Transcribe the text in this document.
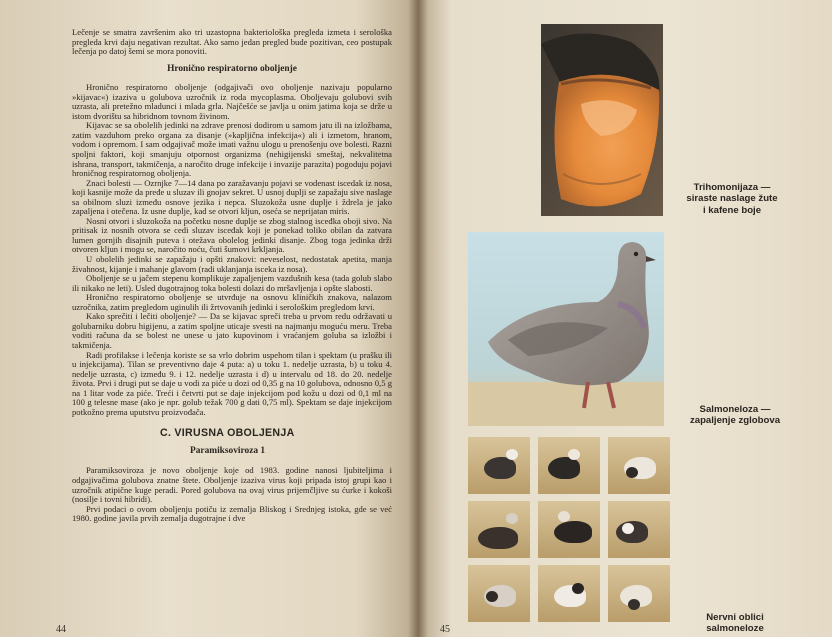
Lečenje se smatra završenim ako tri uzastopna bakteriološka pregleda izmeta i serološka pregleda krvi daju negativan rezultat. Ako samo jedan pregled bude pozitivan, ceo postupak lečenja po datoj šemi se mora ponoviti.

Hronično respiratorno oboljenje

Hronično respiratorno oboljenje (odgajivači ovo oboljenje nazivaju popularno »kijavac«) izaziva u golubova uzročnik iz roda mycoplasma. Oboljevaju golubovi svih uzrasta, ali pretežno mladunci i mlada grla. Najčešće se javlja u onim jatima koja se drže u istom dvorištu sa hibridnom tovnom živinom.

Kijavac se sa obolelih jedinki na zdrave prenosi dodirom u samom jatu ili na izložbama, zatim vazduhom preko organa za disanje (»kapljična infekcija«) ali i izmetom, hranom, vodom i opremom. I sam odgajivač može imati važnu ulogu u prenošenju ove bolesti. Razni spoljni faktori, koji smanjuju otpornost organizma (nehigijenski smeštaj, nekvalitetna ishrana, transport, takmičenja, a naročito druge infekcije i invazije parazita) pogoduju pojavi hroničnog respiratornog oboljenja.

Znaci bolesti — Ozrnjke 7—14 dana po zaražavanju pojavi se vodenast iscedak iz nosa, koji kasnije može da pređe u sluzav ili gnojav sekret. U usnoj duplji se zapažaju sive naslage sa obilnom sluzi između osnove jezika i nepca. Sluzokoža usne duplje i ždrela je jako zapaljena i otečena. Iz usne duplje, kad se otvori kljun, oseća se neprijatan miris.

Nosni otvori i sluzokoža na početku nosne duplje se zbog stalnog isceđka oboji sivo. Na pritisak iz nosnih otvora se cedi sluzav isceđak koji je ponekad toliko obilan da zatvara lumen gornjih disajnih puteva i otežava obolelog jedinki disanje. Zbog toga jedinka drži otvoren kljun i mogu se, naročito noću, čuti šumovi krkljanja.

U obolelih jedinki se zapažaju i opšti znakovi: neveselost, nedostatak apetita, manja živahnost, kijanje i mahanje glavom (radi uklanjanja isceka iz nosa).

Oboljenje se u jačem stepenu komplikuje zapaljenjem vazdušnih kesa (tada golub slabo ili nikako ne leti). Usled dugotrajnog toka bolesti dolazi do mršavljenja i opšte slabosti.

Hronično respiratorno oboljenje se utvrđuje na osnovu kliničkih znakova, nalazom uzročnika, zatim pregledom uginulih ili žrtvovanih jedinki i serološkim pregledom krvi.

Kako sprečiti i lečiti oboljenje? — Da se kijavac spreči treba u prvom redu održavati u golubarniku dobru higijenu, a zatim spoljne uticaje svesti na najmanju moguću meru. Treba voditi računa da se bolest ne unese u jato kupovinom i vraćanjem goluba sa izložbi i takmičenja.

Radi profilakse i lečenja koriste se sa vrlo dobrim uspehom tilan i spektam (u prašku ili u injekcijama). Tilan se preventivno daje 4 puta: a) u toku 1. nedelje uzrasta, b) u toku 4. nedelje uzrasta, c) između 9. i 12. nedelje uzrasta i d) u intervalu od 18. do 20. nedelje života. Prvi i drugi put se daje u vodi za piće u dozi od 0,35 g na 10 golubova, odnosno 0,5 g na 1 litar vode za piće. Treći i četvrti put se daje injekcijom pod kožu u dozi od 0,1 ml na 100 g telesne mase (ako je npr. golub težak 700 g dati 0,75 ml). Spektam se daje injekcijom potkožno prema uputstvu proizvođača.

C. VIRUSNA OBOLJENJA
Paramiksoviroza 1

Paramiksoviroza je novo oboljenje koje od 1983. godine nanosi ljubiteljima i odgajivačima golubova znatne štete. Oboljenje izaziva virus koji pripada istoj grupi kao i uzročnik atipične kuge peradi. Pored golubova na ovaj virus prijemčljive su ćurke i kokoši (nosilje i tovni hibridi).

Prvi podaci o ovom oboljenju potiču iz zemalja Bliskog i Srednjeg istoka, gde se već 1980. godine javila prvih zemalja dugotrajne i dve

44
Trihomonijaza —
siraste naslage žute
i kafene boje
Salmoneloza —
zapaljenje zglobova
Nervni oblici
salmoneloze
45
